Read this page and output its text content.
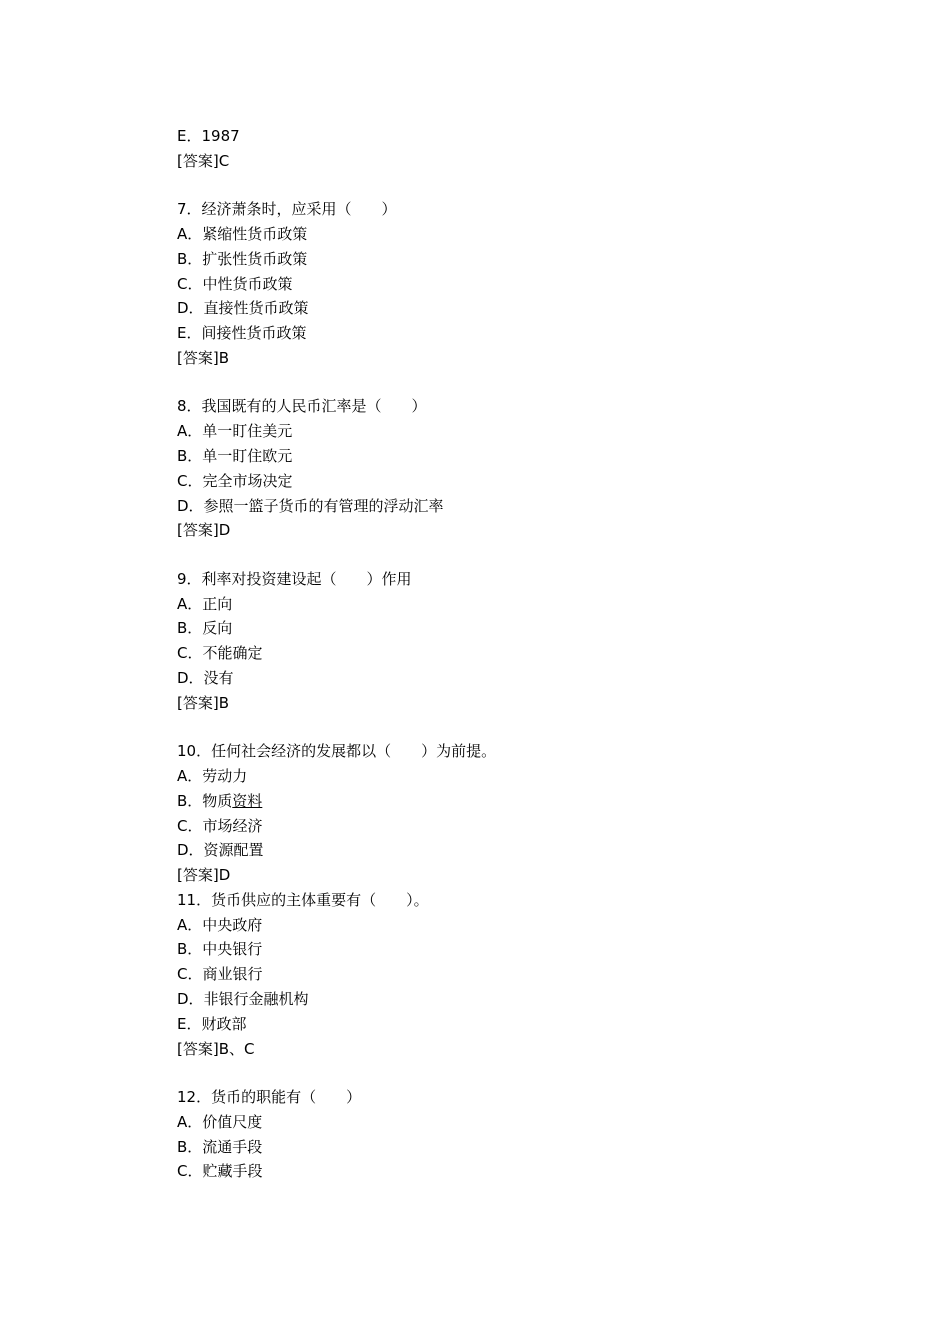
E．1987
[答案]C
7．经济萧条时，应采用（　　）
A．紧缩性货币政策
B．扩张性货币政策
C．中性货币政策
D．直接性货币政策
E．间接性货币政策
[答案]B
8．我国既有的人民币汇率是（　　）
A．单一盯住美元
B．单一盯住欧元
C．完全市场决定
D．参照一篮子货币的有管理的浮动汇率
[答案]D
9．利率对投资建设起（　　）作用
A．正向
B．反向
C．不能确定
D．没有
[答案]B
10．任何社会经济的发展都以（　　）为前提。
A．劳动力
B．物质资料
C．市场经济
D．资源配置
[答案]D
11．货币供应的主体重要有（　　）。
A．中央政府
B．中央银行
C．商业银行
D．非银行金融机构
E．财政部
[答案]B、C
12．货币的职能有（　　）
A．价值尺度
B．流通手段
C．贮藏手段
